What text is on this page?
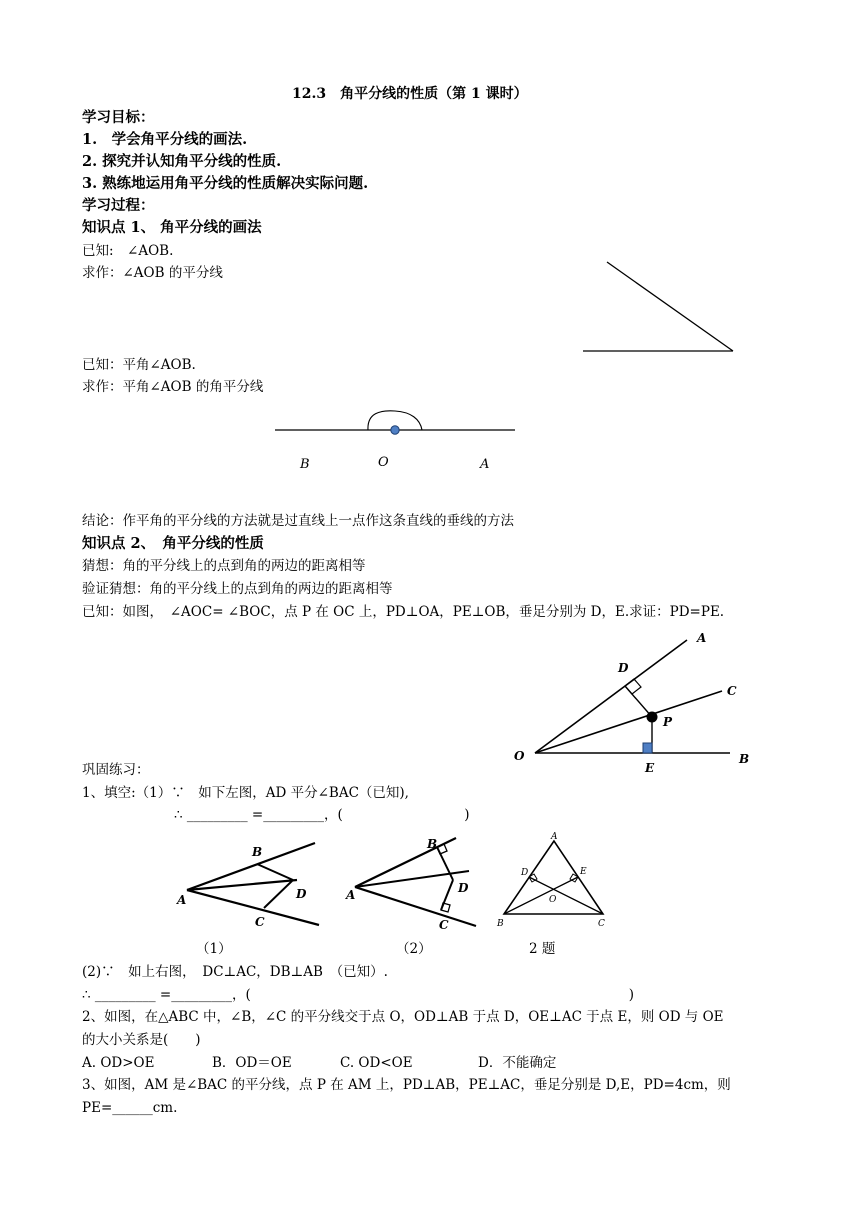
12.3　角平分线的性质（第 1 课时）
学习目标：
1.　学会角平分线的画法.
2. 探究并认知角平分线的性质.
3. 熟练地运用角平分线的性质解决实际问题.
学习过程：
知识点 1、 角平分线的画法
已知:　∠AOB.
求作：∠AOB 的平分线
已知：平角∠AOB.
求作：平角∠AOB 的角平分线
B	O	A
结论：作平角的平分线的方法就是过直线上一点作这条直线的垂线的方法
知识点 2、　角平分线的性质
猜想：角的平分线上的点到角的两边的距离相等
验证猜想：角的平分线上的点到角的两边的距离相等
已知：如图，　∠AOC= ∠BOC，点 P 在 OC 上，PD⊥OA，PE⊥OB，垂足分别为 D，E.求证：PD=PE.
A
C
D
P
O
E
B
巩固练习：
1、填空:（1）∵　如下左图，AD 平分∠BAC（已知),
∴ _________ =_________，(　　　　　　　　　)
B
A	D
C
B
A	D
C
A
D	E
O
B	C
（1）	（2）	2 题
(2)∵　如上右图，　DC⊥AC，DB⊥AB　（已知）.
∴ _________ =_________，(　　　　　　　　　　　　　　　　　　　　　　　　　　　　)
2、如图，在△ABC 中，∠B，∠C 的平分线交于点 O，OD⊥AB 于点 D，OE⊥AC 于点 E，则 OD 与 OE
的大小关系是(　　)
A. OD>OE	B．OD＝OE	C. OD<OE	D．不能确定
3、如图，AM 是∠BAC 的平分线，点 P 在 AM 上，PD⊥AB，PE⊥AC，垂足分别是 D,E，PD=4cm，则
PE=______cm.
